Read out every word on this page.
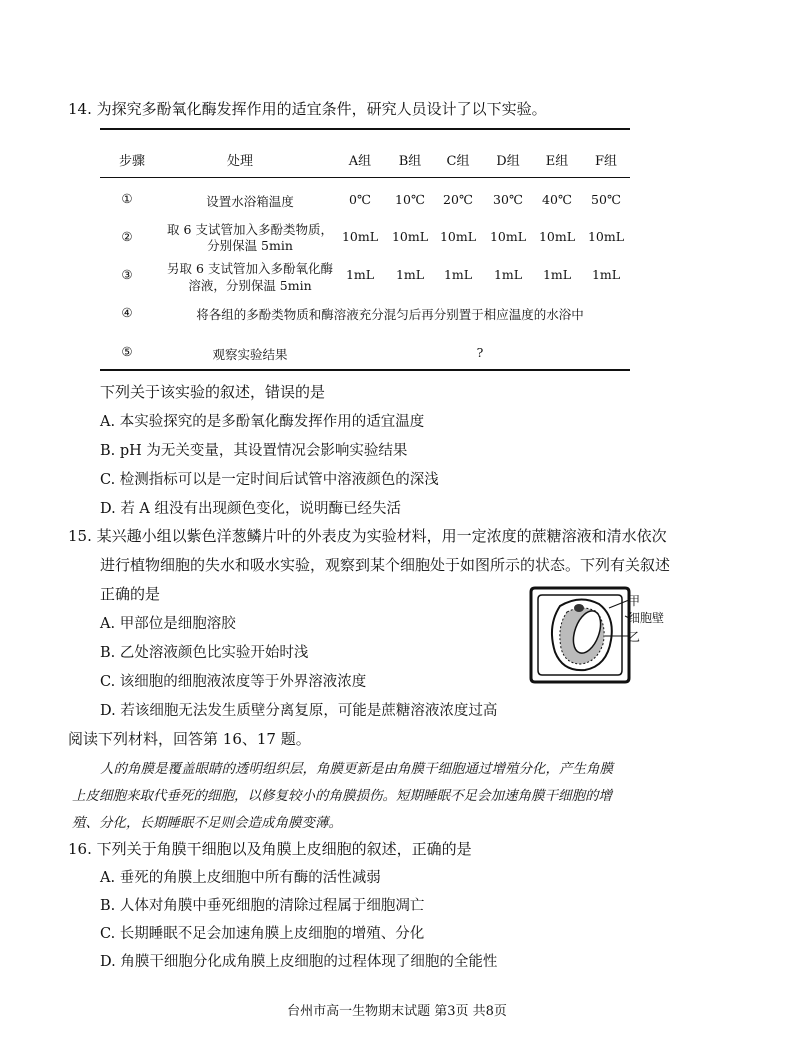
14. 为探究多酚氧化酶发挥作用的适宜条件，研究人员设计了以下实验。
步骤	处理	A组	B组	C组	D组	E组	F组
①	设置水浴箱温度	0℃	10℃	20℃	30℃	40℃	50℃
②	取 6 支试管加入多酚类物质，
分别保温 5min
10mL	10mL 10mL	10mL	10mL	10mL
③	另取 6 支试管加入多酚氧化酶
溶液，分别保温 5min
1mL	1mL	1mL	1mL	1mL	1mL
④	将各组的多酚类物质和酶溶液充分混匀后再分别置于相应温度的水浴中
⑤	观察实验结果	?
下列关于该实验的叙述，错误的是
A. 本实验探究的是多酚氧化酶发挥作用的适宜温度
B. pH 为无关变量，其设置情况会影响实验结果
C. 检测指标可以是一定时间后试管中溶液颜色的深浅
D. 若 A 组没有出现颜色变化，说明酶已经失活
15. 某兴趣小组以紫色洋葱鳞片叶的外表皮为实验材料，用一定浓度的蔗糖溶液和清水依次
进行植物细胞的失水和吸水实验，观察到某个细胞处于如图所示的状态。下列有关叙述
正确的是
A. 甲部位是细胞溶胶
B. 乙处溶液颜色比实验开始时浅
C. 该细胞的细胞液浓度等于外界溶液浓度
D. 若该细胞无法发生质壁分离复原，可能是蔗糖溶液浓度过高
甲
细胞壁
乙
阅读下列材料，回答第 16、17 题。
人的角膜是覆盖眼睛的透明组织层，角膜更新是由角膜干细胞通过增殖分化，产生角膜
上皮细胞来取代垂死的细胞，以修复较小的角膜损伤。短期睡眠不足会加速角膜干细胞的增
殖、分化，长期睡眠不足则会造成角膜变薄。
16. 下列关于角膜干细胞以及角膜上皮细胞的叙述，正确的是
A. 垂死的角膜上皮细胞中所有酶的活性减弱
B. 人体对角膜中垂死细胞的清除过程属于细胞凋亡
C. 长期睡眠不足会加速角膜上皮细胞的增殖、分化
D. 角膜干细胞分化成角膜上皮细胞的过程体现了细胞的全能性
台州市高一生物期末试题 第3页 共8页
